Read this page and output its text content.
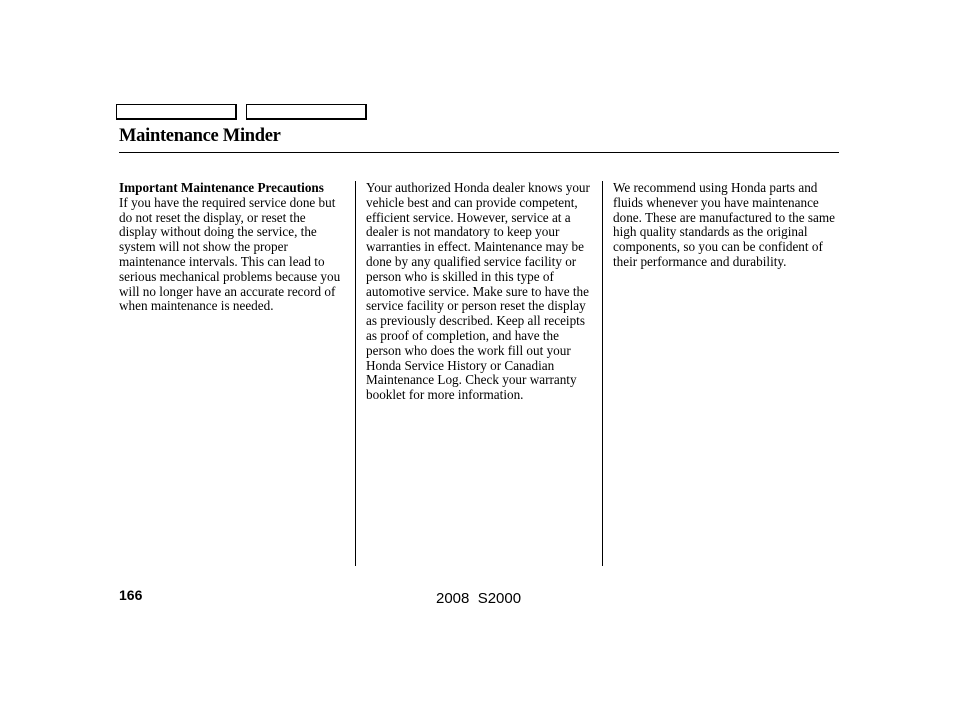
Maintenance Minder

Important Maintenance Precautions

If you have the required service done but do not reset the display, or reset the display without doing the service, the system will not show the proper maintenance intervals. This can lead to serious mechanical problems because you will no longer have an accurate record of when maintenance is needed.

Your authorized Honda dealer knows your vehicle best and can provide competent, efficient service. However, service at a dealer is not mandatory to keep your warranties in effect. Maintenance may be done by any qualified service facility or person who is skilled in this type of automotive service. Make sure to have the service facility or person reset the display as previously described. Keep all receipts as proof of completion, and have the person who does the work fill out your Honda Service History or Canadian Maintenance Log. Check your warranty booklet for more information.

We recommend using Honda parts and fluids whenever you have maintenance done. These are manufactured to the same high quality standards as the original components, so you can be confident of their performance and durability.

166	2008  S2000
